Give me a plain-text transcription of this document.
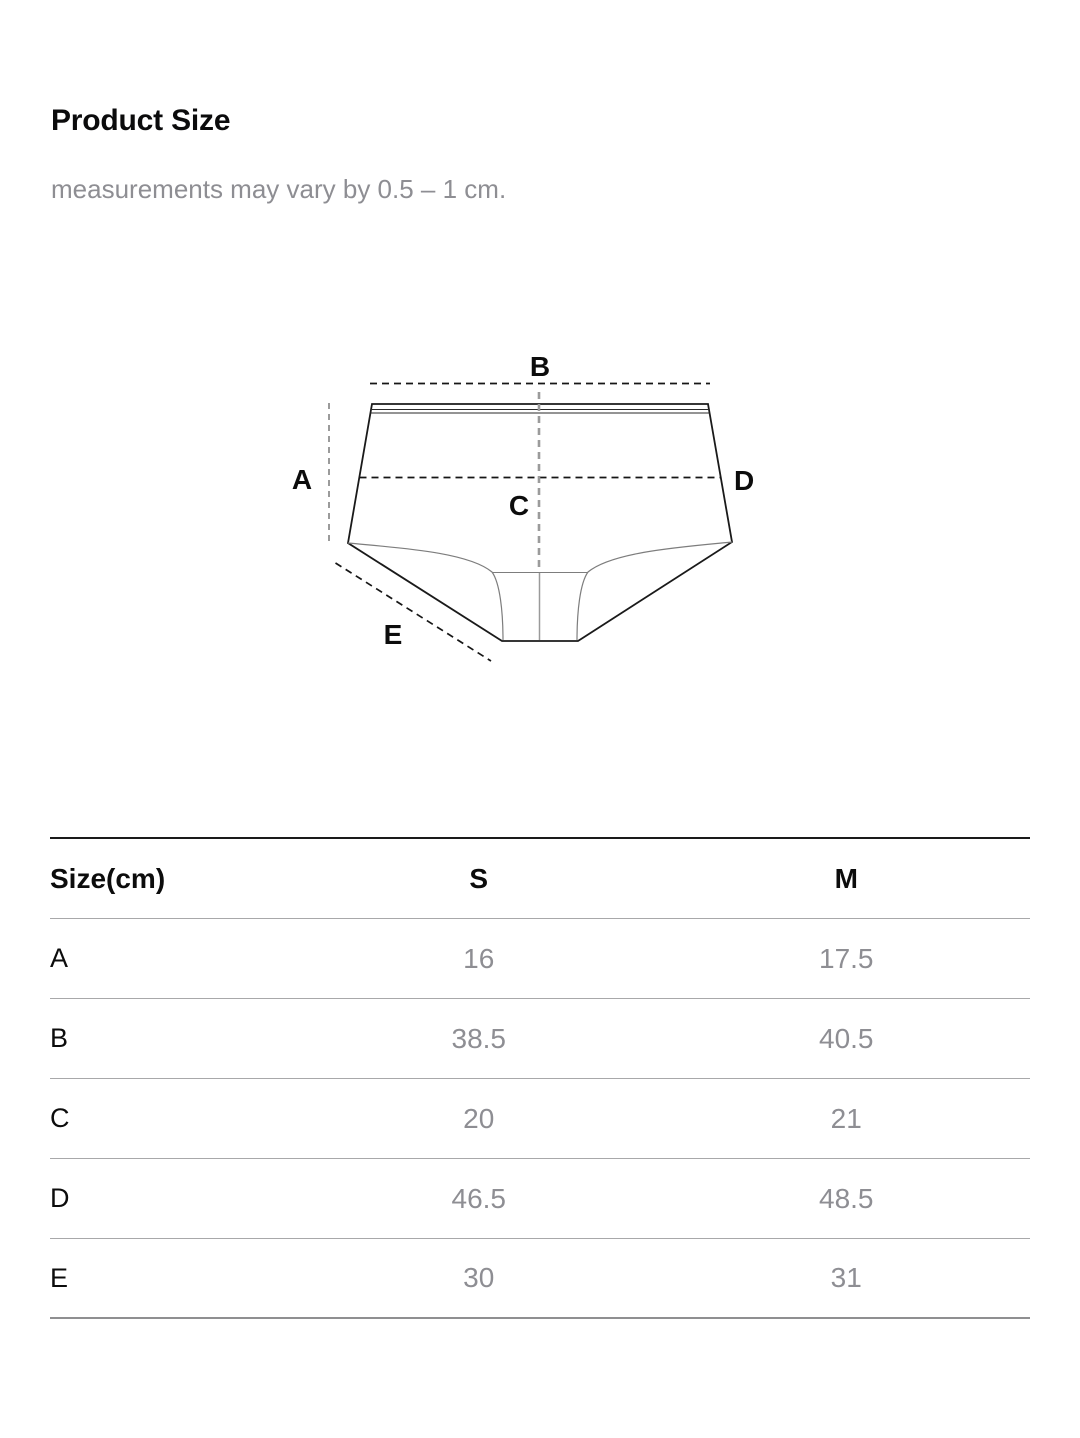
Product Size
measurements may vary by 0.5 – 1 cm.
B
A	D
C
E
Size(cm)	S	M
A	16	17.5
B	38.5	40.5
C	20	21
D	46.5	48.5
E	30	31
